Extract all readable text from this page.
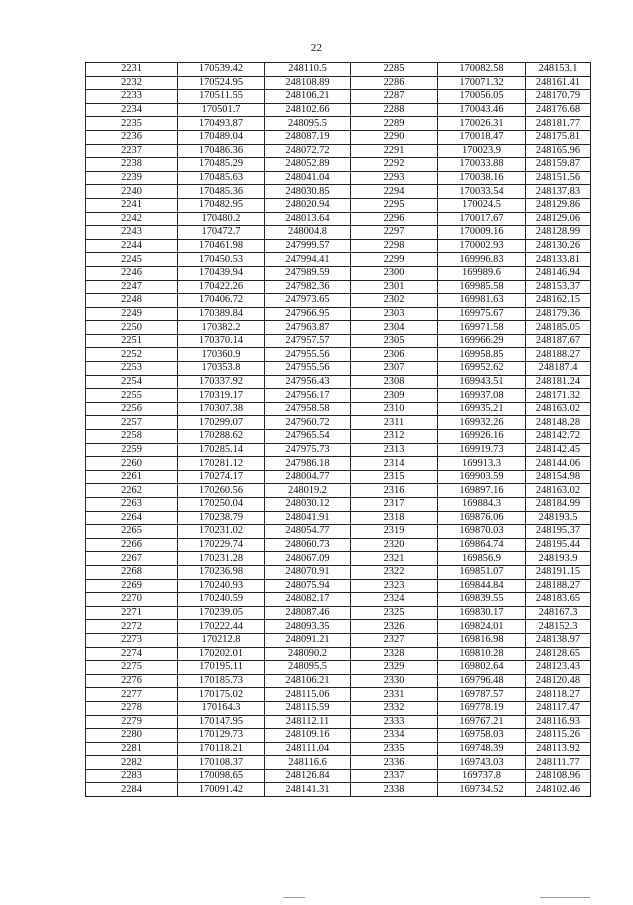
22
2231	170539.42	248110.5	2285	170082.58	248153.1
2232	170524.95	248108.89	2286	170071.32	248161.41
2233	170511.55	248106.21	2287	170056.05	248170.79
2234	170501.7	248102.66	2288	170043.46	248176.68
2235	170493.87	248095.5	2289	170026.31	248181.77
2236	170489.04	248087.19	2290	170018.47	248175.81
2237	170486.36	248072.72	2291	170023.9	248165.96
2238	170485.29	248052.89	2292	170033.88	248159.87
2239	170485.63	248041.04	2293	170038.16	248151.56
2240	170485.36	248030.85	2294	170033.54	248137.83
2241	170482.95	248020.94	2295	170024.5	248129.86
2242	170480.2	248013.64	2296	170017.67	248129.06
2243	170472.7	248004.8	2297	170009.16	248128.99
2244	170461.98	247999.57	2298	170002.93	248130.26
2245	170450.53	247994.41	2299	169996.83	248133.81
2246	170439.94	247989.59	2300	169989.6	248146.94
2247	170422.26	247982.36	2301	169985.58	248153.37
2248	170406.72	247973.65	2302	169981.63	248162.15
2249	170389.84	247966.95	2303	169975.67	248179.36
2250	170382.2	247963.87	2304	169971.58	248185.05
2251	170370.14	247957.57	2305	169966.29	248187.67
2252	170360.9	247955.56	2306	169958.85	248188.27
2253	170353.8	247955.56	2307	169952.62	248187.4
2254	170337.92	247956.43	2308	169943.51	248181.24
2255	170319.17	247956.17	2309	169937.08	248171.32
2256	170307.38	247958.58	2310	169935.21	248163.02
2257	170299.07	247960.72	2311	169932.26	248148.28
2258	170288.62	247965.54	2312	169926.16	248142.72
2259	170285.14	247975.73	2313	169919.73	248142.45
2260	170281.12	247986.18	2314	169913.3	248144.06
2261	170274.17	248004.77	2315	169903.59	248154.98
2262	170260.56	248019.2	2316	169897.16	248163.02
2263	170250.04	248030.12	2317	169884.3	248184.99
2264	170238.79	248041.91	2318	169876.06	248193.5
2265	170231.02	248054.77	2319	169870.03	248195.37
2266	170229.74	248060.73	2320	169864.74	248195.44
2267	170231.28	248067.09	2321	169856.9	248193.9
2268	170236.98	248070.91	2322	169851.07	248191.15
2269	170240.93	248075.94	2323	169844.84	248188.27
2270	170240.59	248082.17	2324	169839.55	248183.65
2271	170239.05	248087.46	2325	169830.17	248167.3
2272	170222.44	248093.35	2326	169824.01	248152.3
2273	170212.8	248091.21	2327	169816.98	248138.97
2274	170202.01	248090.2	2328	169810.28	248128.65
2275	170195.11	248095.5	2329	169802.64	248123.43
2276	170185.73	248106.21	2330	169796.48	248120.48
2277	170175.02	248115.06	2331	169787.57	248118.27
2278	170164.3	248115.59	2332	169778.19	248117.47
2279	170147.95	248112.11	2333	169767.21	248116.93
2280	170129.73	248109.16	2334	169758.03	248115.26
2281	170118.21	248111.04	2335	169748.39	248113.92
2282	170108.37	248116.6	2336	169743.03	248111.77
2283	170098.65	248126.84	2337	169737.8	248108.96
2284	170091.42	248141.31	2338	169734.52	248102.46
